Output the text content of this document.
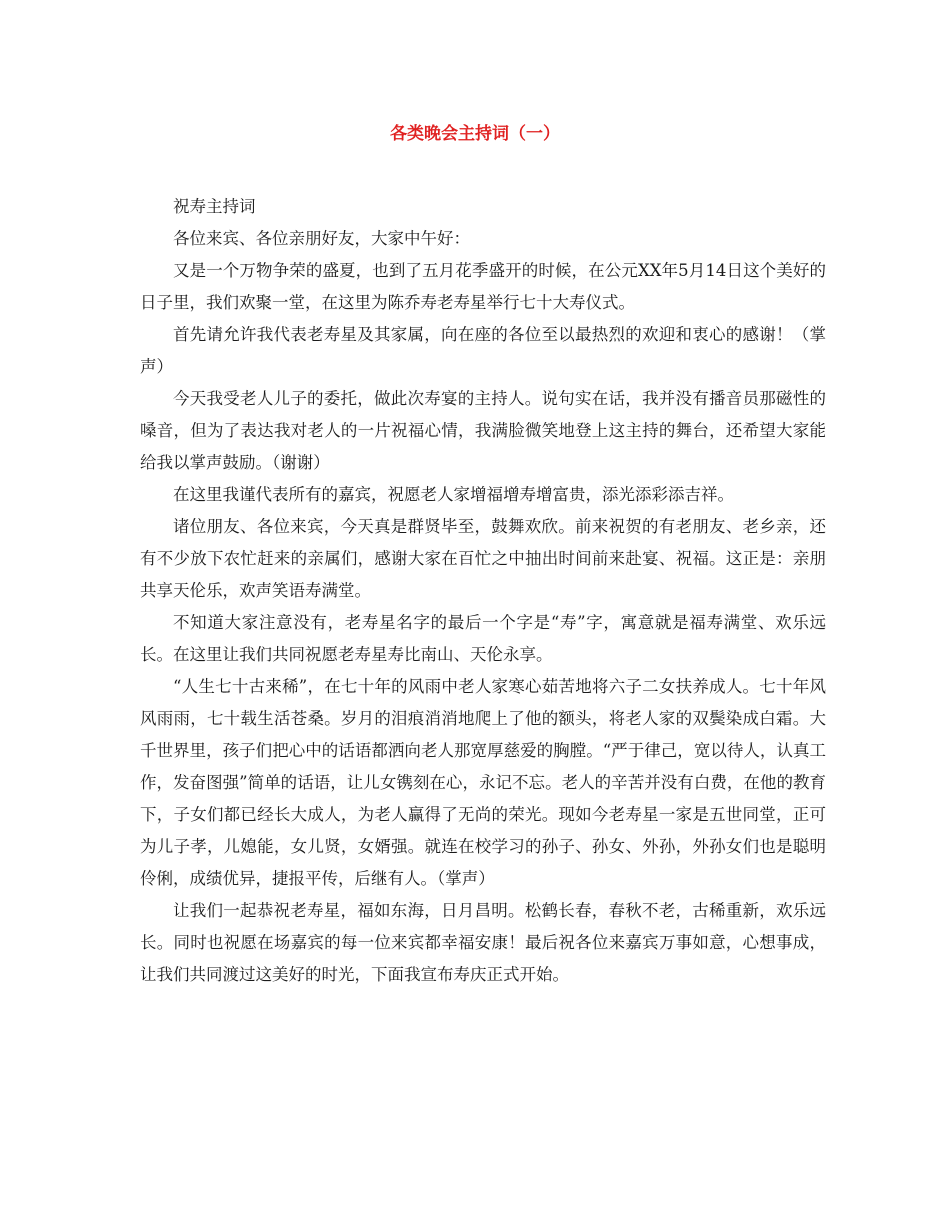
各类晚会主持词（一）

祝寿主持词

各位来宾、各位亲朋好友，大家中午好：

又是一个万物争荣的盛夏，也到了五月花季盛开的时候，在公元XX年5月14日这个美好的日子里，我们欢聚一堂，在这里为陈乔寿老寿星举行七十大寿仪式。

首先请允许我代表老寿星及其家属，向在座的各位至以最热烈的欢迎和衷心的感谢！（掌声）

今天我受老人儿子的委托，做此次寿宴的主持人。说句实在话，我并没有播音员那磁性的嗓音，但为了表达我对老人的一片祝福心情，我满脸微笑地登上这主持的舞台，还希望大家能给我以掌声鼓励。（谢谢）

在这里我谨代表所有的嘉宾，祝愿老人家增福增寿增富贵，添光添彩添吉祥。

诸位朋友、各位来宾，今天真是群贤毕至，鼓舞欢欣。前来祝贺的有老朋友、老乡亲，还有不少放下农忙赶来的亲属们，感谢大家在百忙之中抽出时间前来赴宴、祝福。这正是：亲朋共享天伦乐，欢声笑语寿满堂。

不知道大家注意没有，老寿星名字的最后一个字是“寿”字，寓意就是福寿满堂、欢乐远长。在这里让我们共同祝愿老寿星寿比南山、天伦永享。

“人生七十古来稀”，在七十年的风雨中老人家寒心茹苦地将六子二女扶养成人。七十年风风雨雨，七十载生活苍桑。岁月的泪痕消消地爬上了他的额头，将老人家的双鬓染成白霜。大千世界里，孩子们把心中的话语都洒向老人那宽厚慈爱的胸膛。“严于律己，宽以待人，认真工作，发奋图强”简单的话语，让儿女镌刻在心，永记不忘。老人的辛苦并没有白费，在他的教育下，子女们都已经长大成人，为老人赢得了无尚的荣光。现如今老寿星一家是五世同堂，正可为儿子孝，儿媳能，女儿贤，女婿强。就连在校学习的孙子、孙女、外孙，外孙女们也是聪明伶俐，成绩优异，捷报平传，后继有人。（掌声）

让我们一起恭祝老寿星，福如东海，日月昌明。松鹤长春，春秋不老，古稀重新，欢乐远长。同时也祝愿在场嘉宾的每一位来宾都幸福安康！最后祝各位来嘉宾万事如意，心想事成，让我们共同渡过这美好的时光，下面我宣布寿庆正式开始。
